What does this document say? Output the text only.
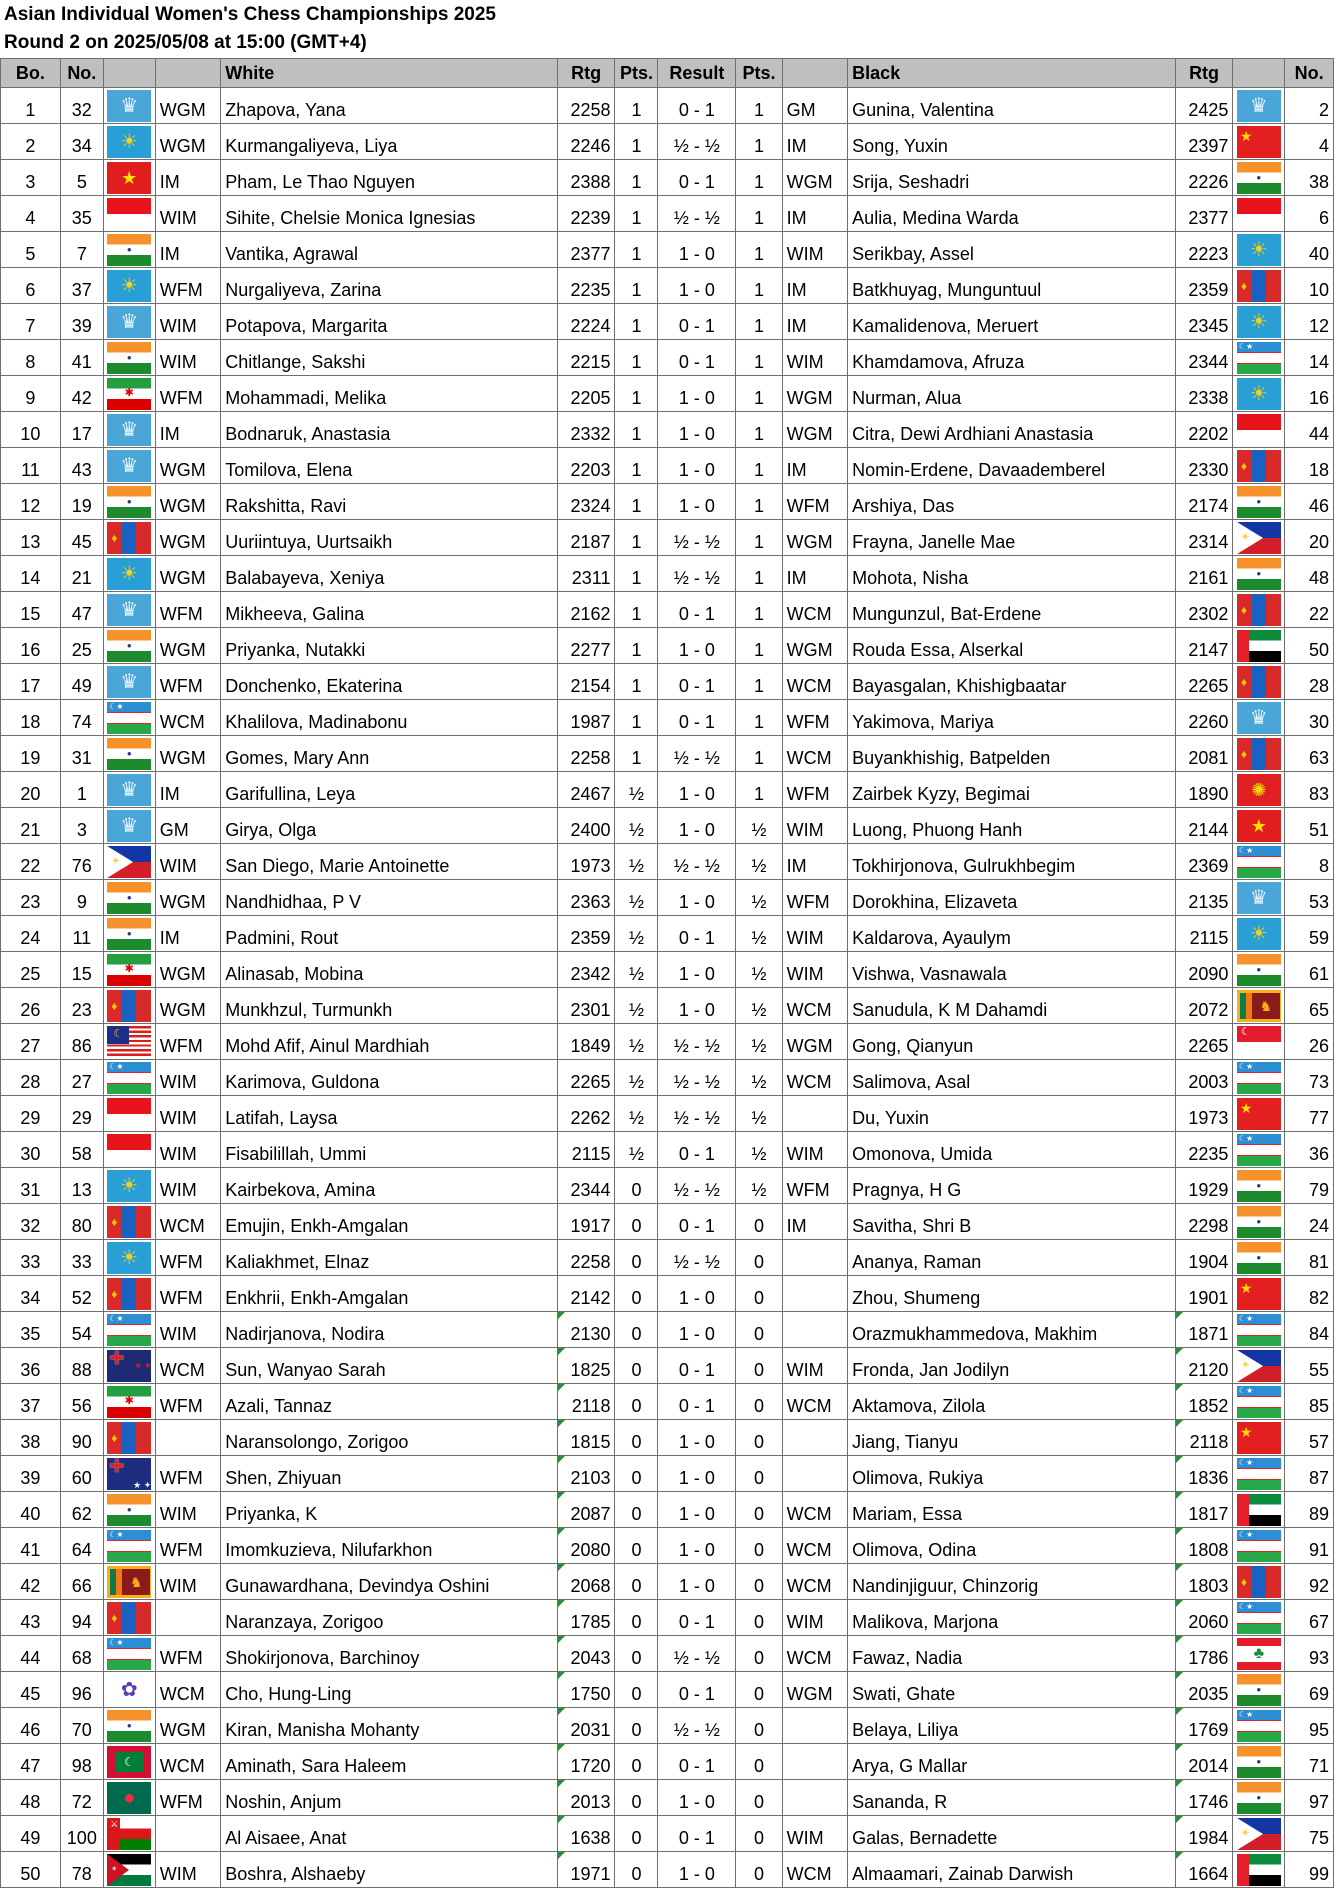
Asian Individual Women's Chess Championships 2025
Round 2 on 2025/05/08 at 15:00 (GMT+4)
Bo.	No.			White	Rtg	Pts.	Result	Pts.		Black	Rtg		No.
1	32	♛	WGM	Zhapova, Yana	2258	1	0 - 1	1	GM	Gunina, Valentina	2425	♛	2
2	34	☀	WGM	Kurmangaliyeva, Liya	2246	1	½ - ½	1	IM	Song, Yuxin	2397	★	4
3	5	★	IM	Pham, Le Thao Nguyen	2388	1	0 - 1	1	WGM	Srija, Seshadri	2226	●	38
4	35		WIM	Sihite, Chelsie Monica Ignesias	2239	1	½ - ½	1	IM	Aulia, Medina Warda	2377		6
5	7	●	IM	Vantika, Agrawal	2377	1	1 - 0	1	WIM	Serikbay, Assel	2223	☀	40
6	37	☀	WFM	Nurgaliyeva, Zarina	2235	1	1 - 0	1	IM	Batkhuyag, Munguntuul	2359	♦	10
7	39	♛	WIM	Potapova, Margarita	2224	1	0 - 1	1	IM	Kamalidenova, Meruert	2345	☀	12
8	41	●	WIM	Chitlange, Sakshi	2215	1	0 - 1	1	WIM	Khamdamova, Afruza	2344	☾★	14
9	42	✱	WFM	Mohammadi, Melika	2205	1	1 - 0	1	WGM	Nurman, Alua	2338	☀	16
10	17	♛	IM	Bodnaruk, Anastasia	2332	1	1 - 0	1	WGM	Citra, Dewi Ardhiani Anastasia	2202		44
11	43	♛	WGM	Tomilova, Elena	2203	1	1 - 0	1	IM	Nomin-Erdene, Davaademberel	2330	♦	18
12	19	●	WGM	Rakshitta, Ravi	2324	1	1 - 0	1	WFM	Arshiya, Das	2174	●	46
13	45	♦	WGM	Uuriintuya, Uurtsaikh	2187	1	½ - ½	1	WGM	Frayna, Janelle Mae	2314	☀	20
14	21	☀	WGM	Balabayeva, Xeniya	2311	1	½ - ½	1	IM	Mohota, Nisha	2161	●	48
15	47	♛	WFM	Mikheeva, Galina	2162	1	0 - 1	1	WCM	Mungunzul, Bat-Erdene	2302	♦	22
16	25	●	WGM	Priyanka, Nutakki	2277	1	1 - 0	1	WGM	Rouda Essa, Alserkal	2147		50
17	49	♛	WFM	Donchenko, Ekaterina	2154	1	0 - 1	1	WCM	Bayasgalan, Khishigbaatar	2265	♦	28
18	74	☾★	WCM	Khalilova, Madinabonu	1987	1	0 - 1	1	WFM	Yakimova, Mariya	2260	♛	30
19	31	●	WGM	Gomes, Mary Ann	2258	1	½ - ½	1	WCM	Buyankhishig, Batpelden	2081	♦	63
20	1	♛	IM	Garifullina, Leya	2467	½	1 - 0	1	WFM	Zairbek Kyzy, Begimai	1890	✺	83
21	3	♛	GM	Girya, Olga	2400	½	1 - 0	½	WIM	Luong, Phuong Hanh	2144	★	51
22	76	☀	WIM	San Diego, Marie Antoinette	1973	½	½ - ½	½	IM	Tokhirjonova, Gulrukhbegim	2369	☾★	8
23	9	●	WGM	Nandhidhaa, P V	2363	½	1 - 0	½	WFM	Dorokhina, Elizaveta	2135	♛	53
24	11	●	IM	Padmini, Rout	2359	½	0 - 1	½	WIM	Kaldarova, Ayaulym	2115	☀	59
25	15	✱	WGM	Alinasab, Mobina	2342	½	1 - 0	½	WIM	Vishwa, Vasnawala	2090	●	61
26	23	♦	WGM	Munkhzul, Turmunkh	2301	½	1 - 0	½	WCM	Sanudula, K M Dahamdi	2072	♞	65
27	86	☾	WFM	Mohd Afif, Ainul Mardhiah	1849	½	½ - ½	½	WGM	Gong, Qianyun	2265	☾	26
28	27	☾★	WIM	Karimova, Guldona	2265	½	½ - ½	½	WCM	Salimova, Asal	2003	☾★	73
29	29		WIM	Latifah, Laysa	2262	½	½ - ½	½		Du, Yuxin	1973	★	77
30	58		WIM	Fisabilillah, Ummi	2115	½	0 - 1	½	WIM	Omonova, Umida	2235	☾★	36
31	13	☀	WIM	Kairbekova, Amina	2344	0	½ - ½	½	WFM	Pragnya, H G	1929	●	79
32	80	♦	WCM	Emujin, Enkh-Amgalan	1917	0	0 - 1	0	IM	Savitha, Shri B	2298	●	24
33	33	☀	WFM	Kaliakhmet, Elnaz	2258	0	½ - ½	0		Ananya, Raman	1904	●	81
34	52	♦	WFM	Enkhrii, Enkh-Amgalan	2142	0	1 - 0	0		Zhou, Shumeng	1901	★	82
35	54	☾★	WIM	Nadirjanova, Nodira	2130	0	1 - 0	0		Orazmukhammedova, Makhim	1871	☾★	84
36	88	✚ ★ ★	WCM	Sun, Wanyao Sarah	1825	0	0 - 1	0	WIM	Fronda, Jan Jodilyn	2120	☀	55
37	56	✱	WFM	Azali, Tannaz	2118	0	0 - 1	0	WCM	Aktamova, Zilola	1852	☾★	85
38	90	♦		Naransolongo, Zorigoo	1815	0	1 - 0	0		Jiang, Tianyu	2118	★	57
39	60	✚ ★ ✦	WFM	Shen, Zhiyuan	2103	0	1 - 0	0		Olimova, Rukiya	1836	☾★	87
40	62	●	WIM	Priyanka, K	2087	0	1 - 0	0	WCM	Mariam, Essa	1817		89
41	64	☾★	WFM	Imomkuzieva, Nilufarkhon	2080	0	1 - 0	0	WCM	Olimova, Odina	1808	☾★	91
42	66	♞	WIM	Gunawardhana, Devindya Oshini	2068	0	1 - 0	0	WCM	Nandinjiguur, Chinzorig	1803	♦	92
43	94	♦		Naranzaya, Zorigoo	1785	0	0 - 1	0	WIM	Malikova, Marjona	2060	☾★	67
44	68	☾★	WFM	Shokirjonova, Barchinoy	2043	0	½ - ½	0	WCM	Fawaz, Nadia	1786	♣	93
45	96	✿	WCM	Cho, Hung-Ling	1750	0	0 - 1	0	WGM	Swati, Ghate	2035	●	69
46	70	●	WGM	Kiran, Manisha Mohanty	2031	0	½ - ½	0		Belaya, Liliya	1769	☾★	95
47	98	☾	WCM	Aminath, Sara Haleem	1720	0	0 - 1	0		Arya, G Mallar	2014	●	71
48	72	●	WFM	Noshin, Anjum	2013	0	1 - 0	0		Sananda, R	1746	●	97
49	100	⚔		Al Aisaee, Anat	1638	0	0 - 1	0	WIM	Galas, Bernadette	1984	☀	75
50	78	✶	WIM	Boshra, Alshaeby	1971	0	1 - 0	0	WCM	Almaamari, Zainab Darwish	1664		99
